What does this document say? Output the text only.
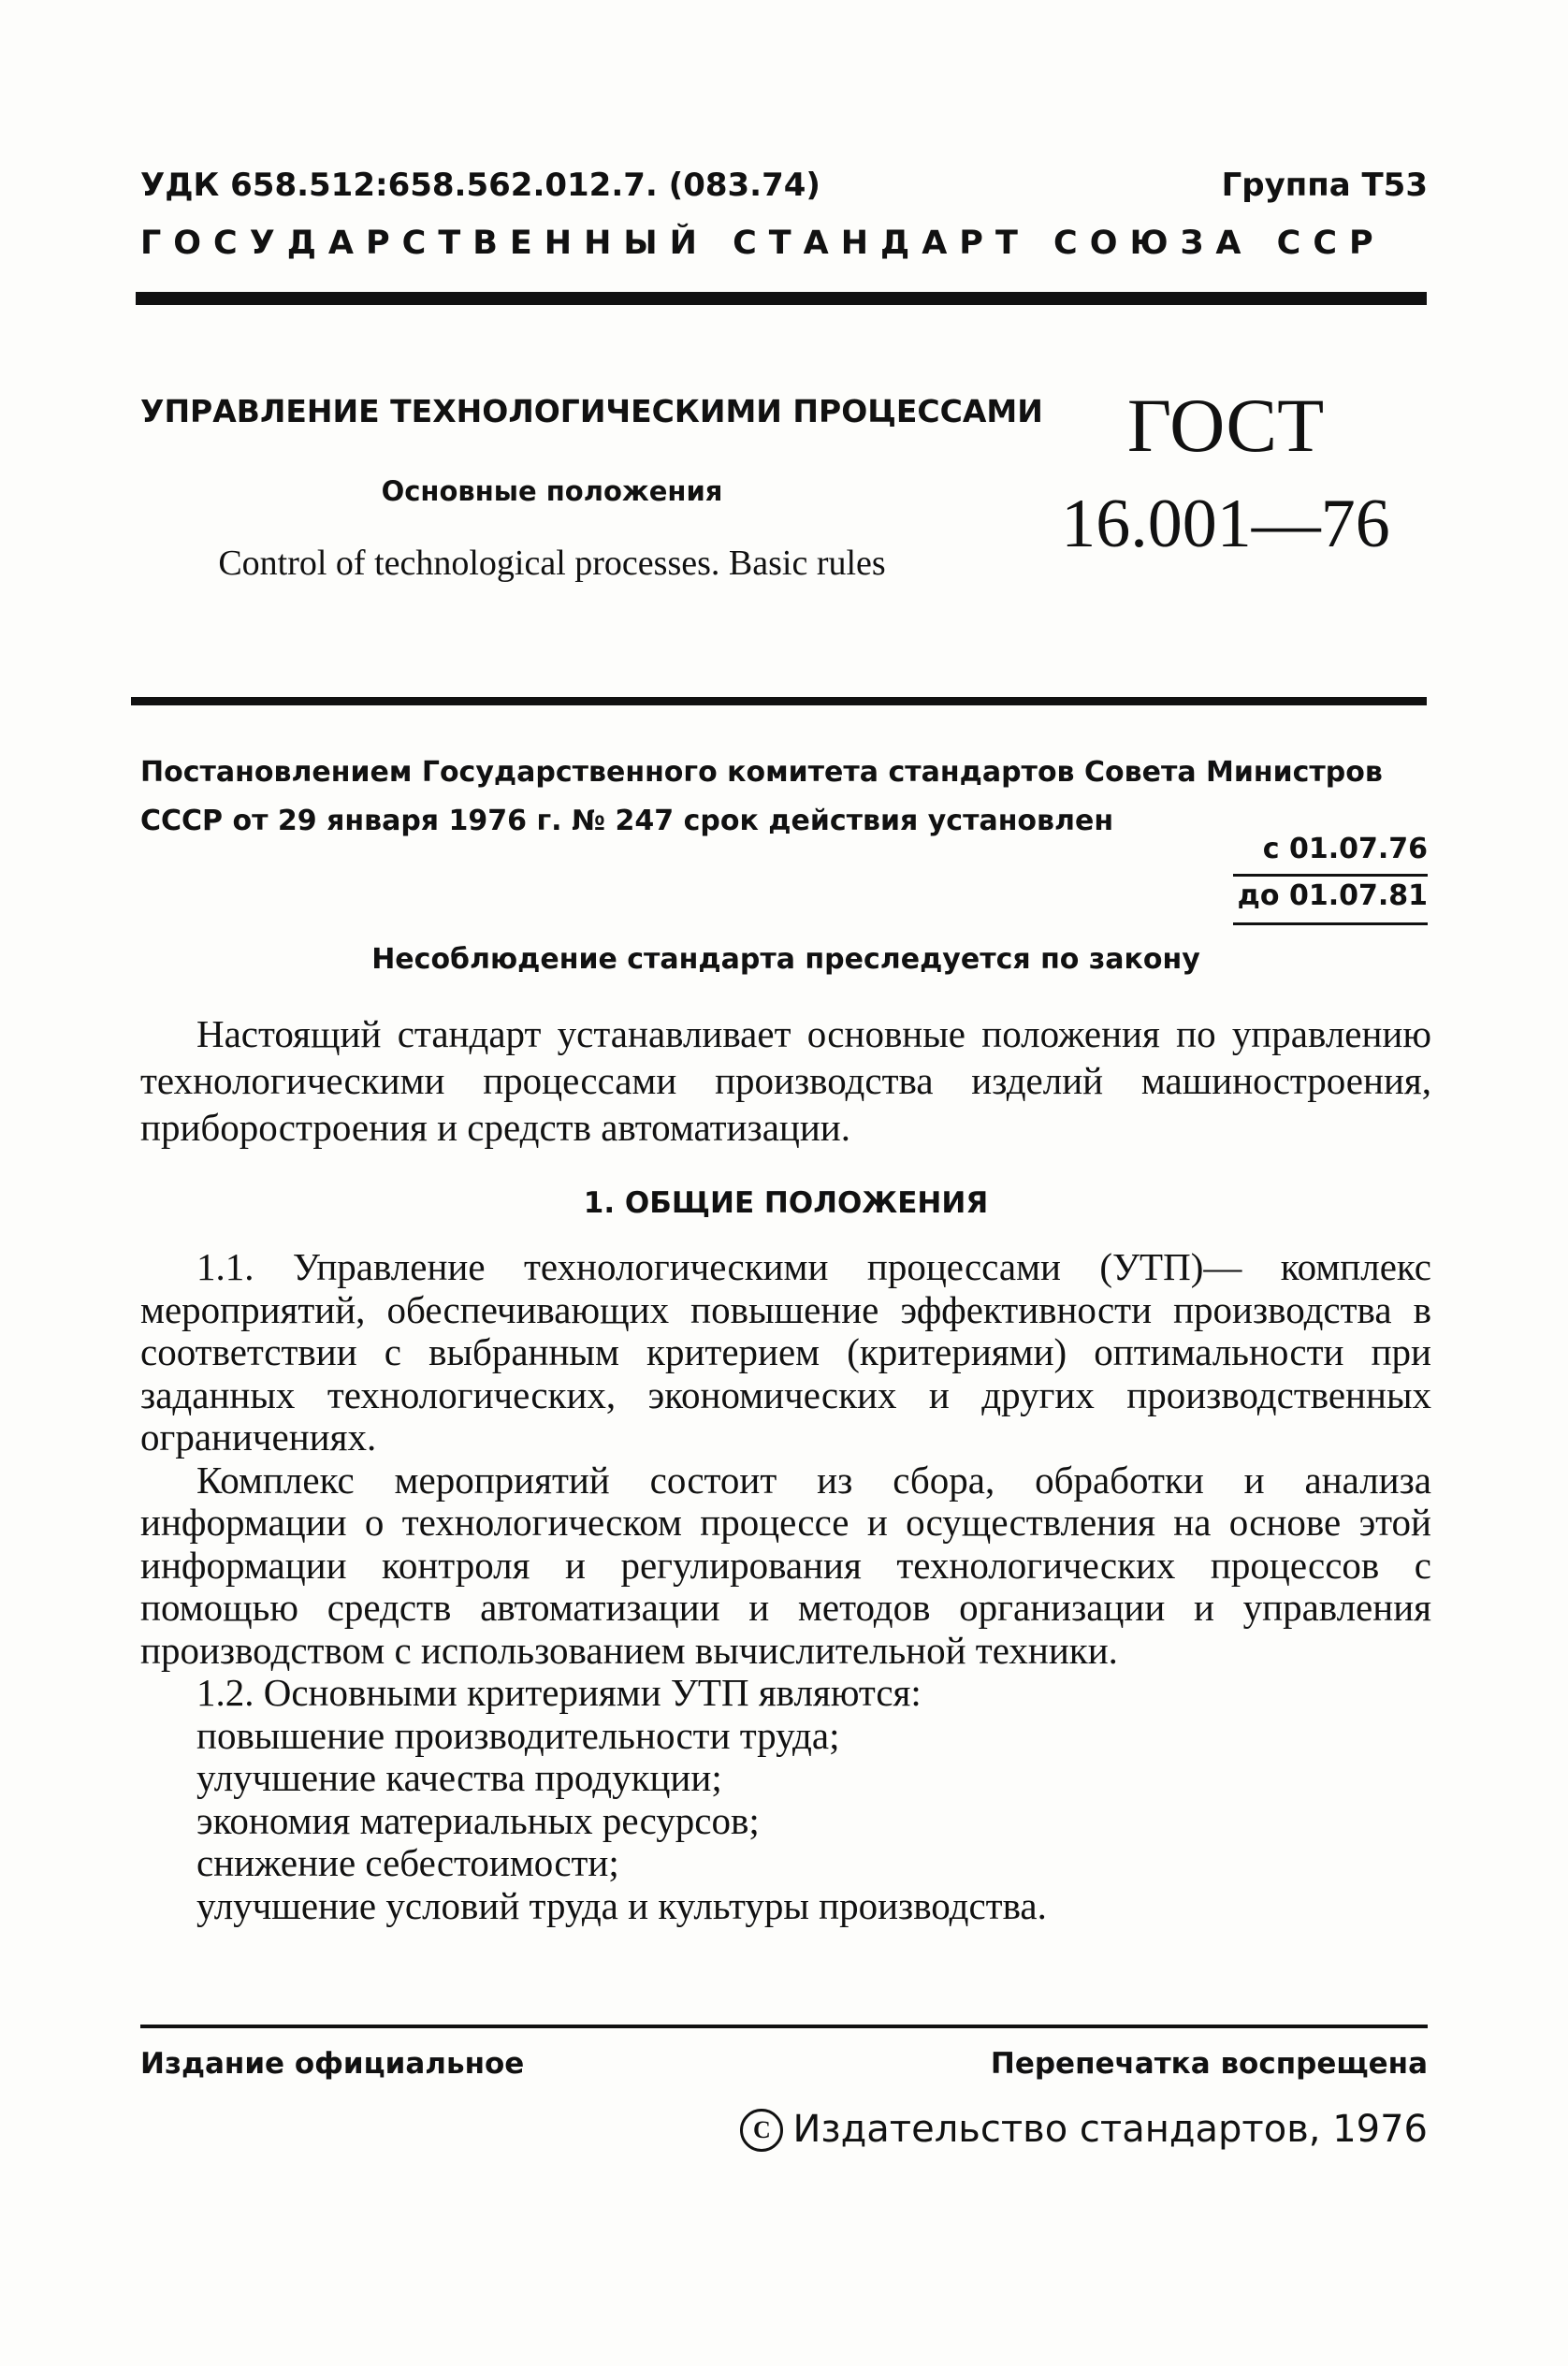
УДК 658.512:658.562.012.7. (083.74)	Группа Т53
ГОСУДАРСТВЕННЫЙ СТАНДАРТ СОЮЗА ССР
УПРАВЛЕНИЕ ТЕХНОЛОГИЧЕСКИМИ ПРОЦЕССАМИ
Основные положения
Control of technological processes. Basic rules
ГОСТ
16.001—76
Постановлением Государственного комитета стандартов Совета Министров СССР от 29 января 1976 г. № 247 срок действия установлен
с 01.07.76
до 01.07.81
Несоблюдение стандарта преследуется по закону
Настоящий стандарт устанавливает основные положения по управлению технологическими процессами производства изделий машиностроения, приборостроения и средств автоматизации.
1. ОБЩИЕ ПОЛОЖЕНИЯ

1.1. Управление технологическими процессами (УТП)— комплекс мероприятий, обеспечивающих повышение эффективности производства в соответствии с выбранным критерием (критериями) оптимальности при заданных технологических, экономических и других производственных ограничениях.

Комплекс мероприятий состоит из сбора, обработки и анализа информации о технологическом процессе и осуществления на основе этой информации контроля и регулирования технологических процессов с помощью средств автоматизации и методов организации и управления производством с использованием вычислительной техники.

1.2. Основными критериями УТП являются:

повышение производительности труда;

улучшение качества продукции;

экономия материальных ресурсов;

снижение себестоимости;

улучшение условий труда и культуры производства.

Издание официальное	Перепечатка воспрещена
C Издательство стандартов, 1976
